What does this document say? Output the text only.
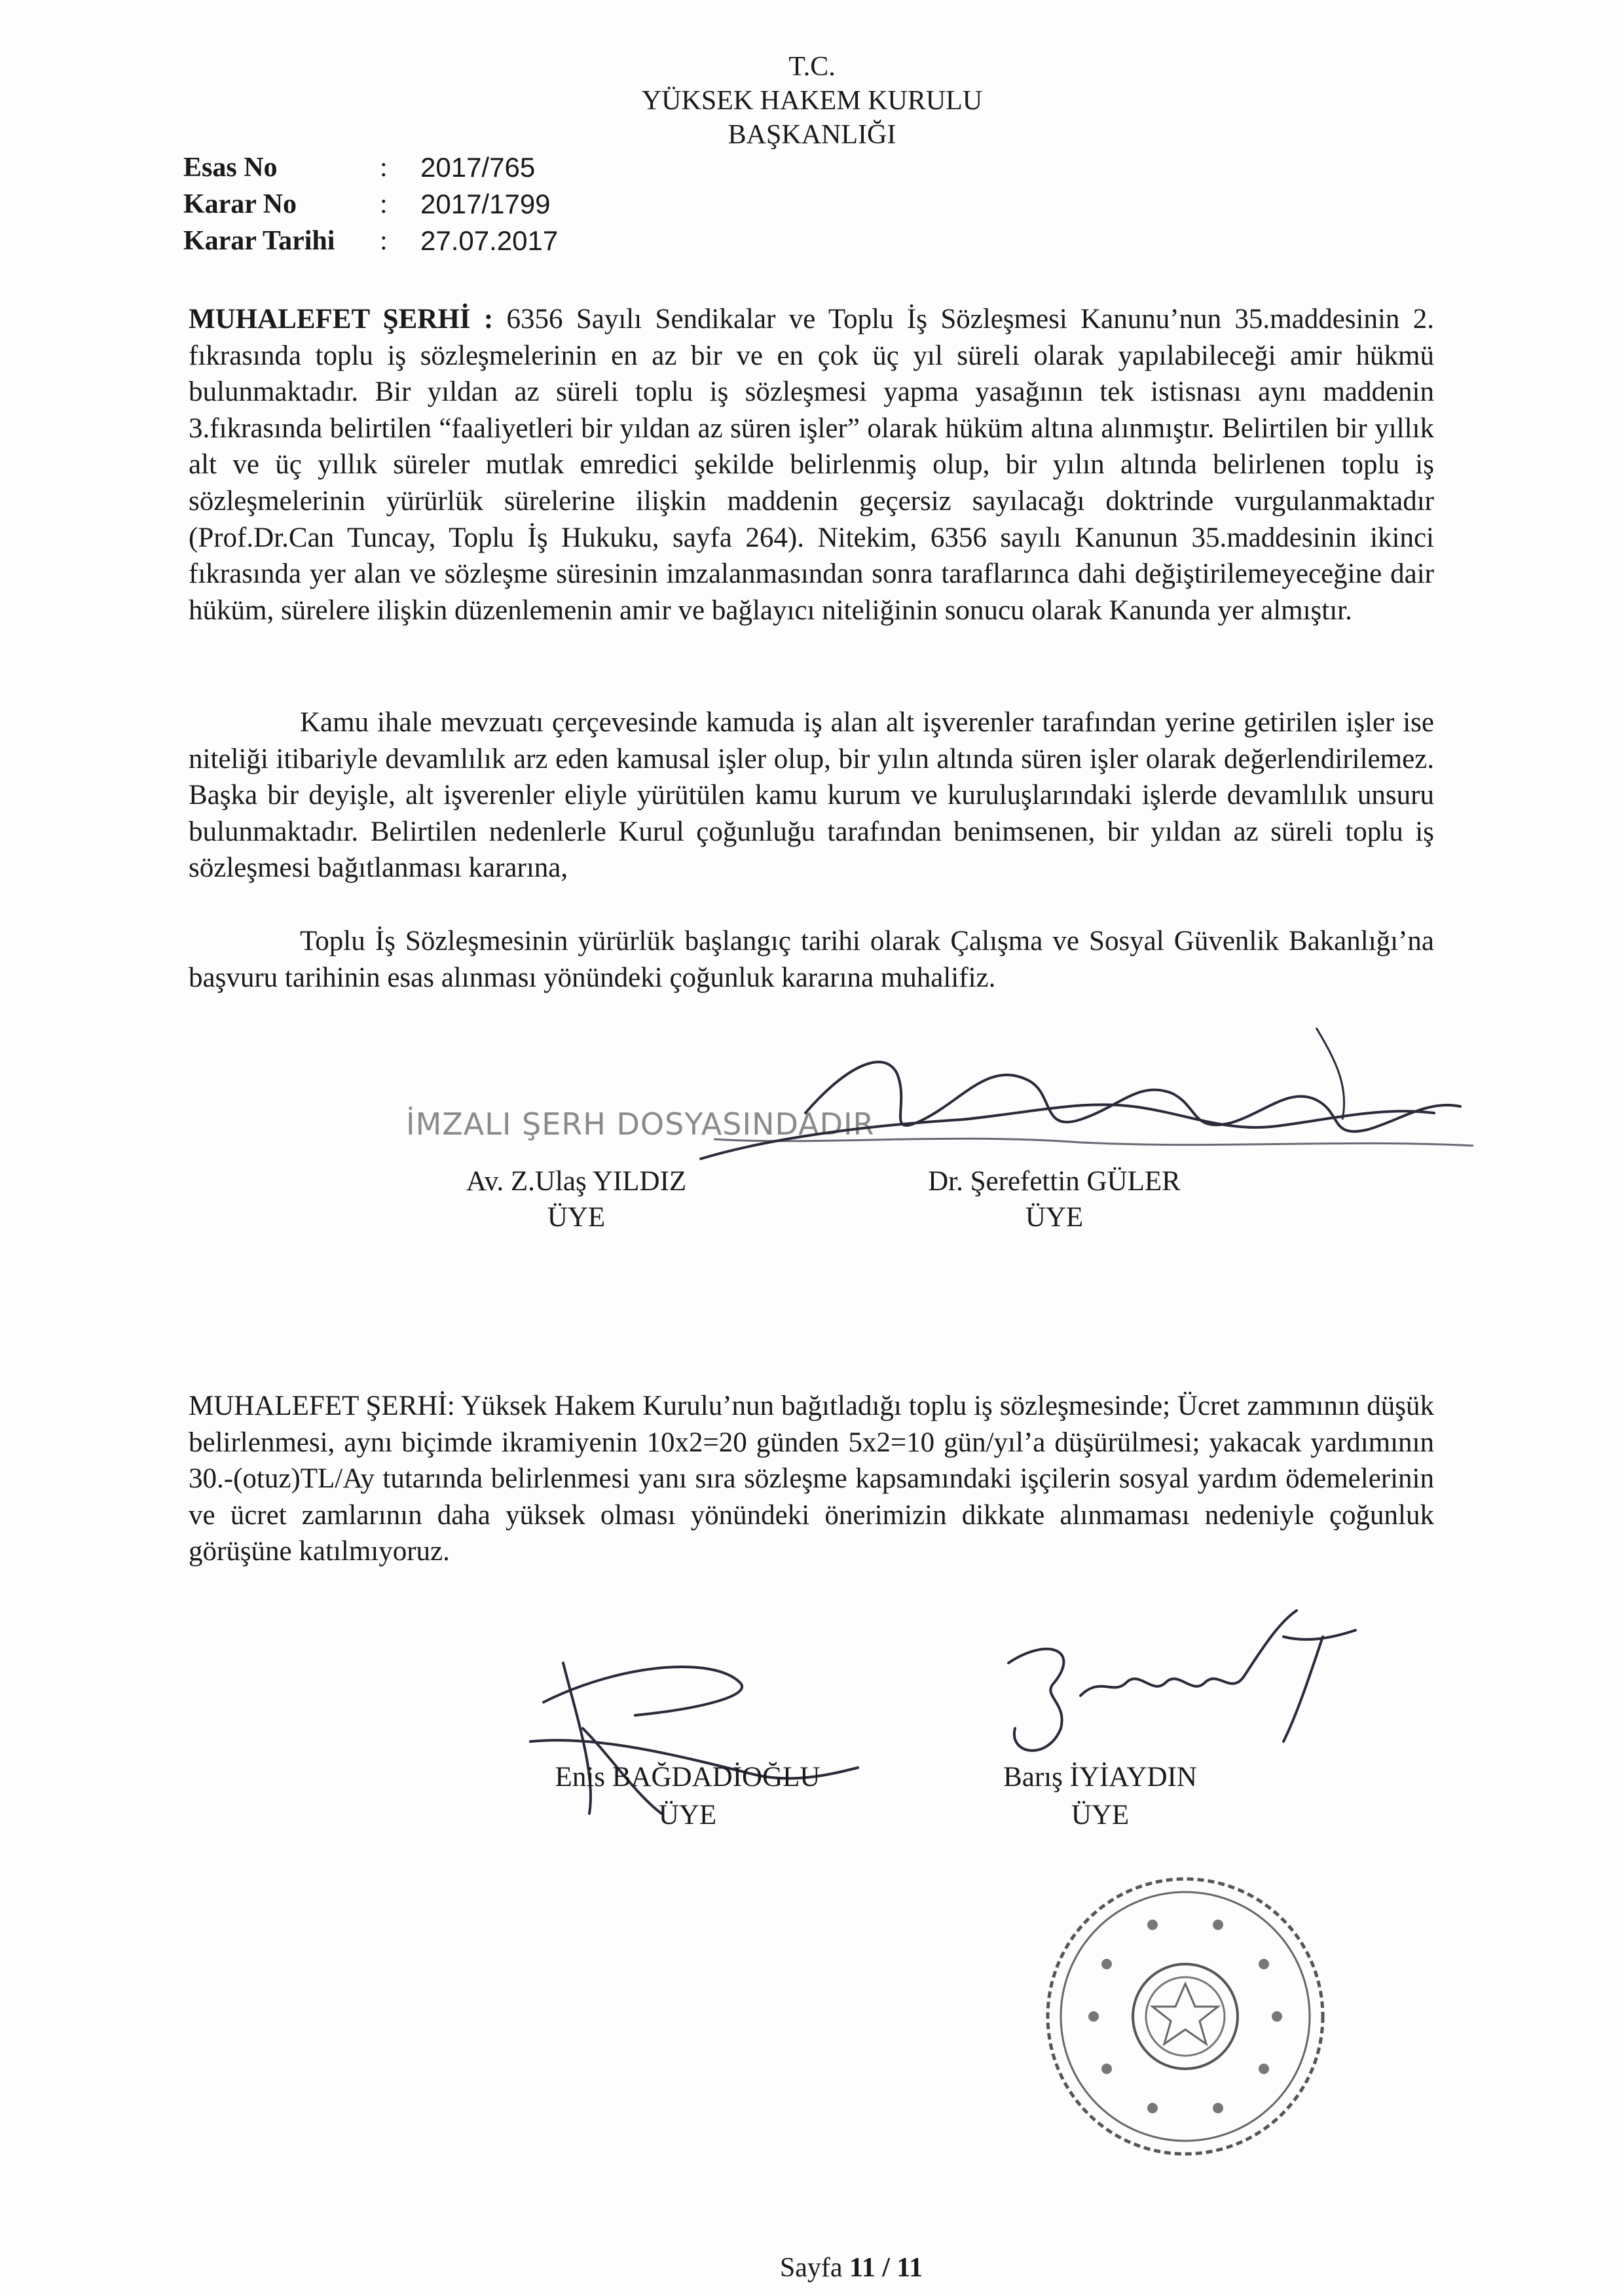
T.C.
YÜKSEK HAKEM KURULU
BAŞKANLIĞI
Esas No	:	2017/765
Karar No	:	2017/1799
Karar Tarihi	:	27.07.2017
MUHALEFET ŞERHİ : 6356 Sayılı Sendikalar ve Toplu İş Sözleşmesi Kanunu’nun 35.maddesinin 2. fıkrasında toplu iş sözleşmelerinin en az bir ve en çok üç yıl süreli olarak yapılabileceği amir hükmü bulunmaktadır. Bir yıldan az süreli toplu iş sözleşmesi yapma yasağının tek istisnası aynı maddenin 3.fıkrasında belirtilen “faaliyetleri bir yıldan az süren işler” olarak hüküm altına alınmıştır. Belirtilen bir yıllık alt ve üç yıllık süreler mutlak emredici şekilde belirlenmiş olup, bir yılın altında belirlenen toplu iş sözleşmelerinin yürürlük sürelerine ilişkin maddenin geçersiz sayılacağı doktrinde vurgulanmaktadır (Prof.Dr.Can Tuncay, Toplu İş Hukuku, sayfa 264). Nitekim, 6356 sayılı Kanunun 35.maddesinin ikinci fıkrasında yer alan ve sözleşme süresinin imzalanmasından sonra taraflarınca dahi değiştirilemeyeceğine dair hüküm, sürelere ilişkin düzenlemenin amir ve bağlayıcı niteliğinin sonucu olarak Kanunda yer almıştır.
Kamu ihale mevzuatı çerçevesinde kamuda iş alan alt işverenler tarafından yerine getirilen işler ise niteliği itibariyle devamlılık arz eden kamusal işler olup, bir yılın altında süren işler olarak değerlendirilemez. Başka bir deyişle, alt işverenler eliyle yürütülen kamu kurum ve kuruluşlarındaki işlerde devamlılık unsuru bulunmaktadır. Belirtilen nedenlerle Kurul çoğunluğu tarafından benimsenen, bir yıldan az süreli toplu iş sözleşmesi bağıtlanması kararına,
Toplu İş Sözleşmesinin yürürlük başlangıç tarihi olarak Çalışma ve Sosyal Güvenlik Bakanlığı’na başvuru tarihinin esas alınması yönündeki çoğunluk kararına muhalifiz.
İMZALI ŞERH DOSYASINDADIR
Av. Z.Ulaş YILDIZ
ÜYE
Dr. Şerefettin GÜLER
ÜYE
MUHALEFET ŞERHİ: Yüksek Hakem Kurulu’nun bağıtladığı toplu iş sözleşmesinde; Ücret zammının düşük belirlenmesi, aynı biçimde ikramiyenin 10x2=20 günden 5x2=10 gün/yıl’a düşürülmesi; yakacak yardımının 30.-(otuz)TL/Ay tutarında belirlenmesi yanı sıra sözleşme kapsamındaki işçilerin sosyal yardım ödemelerinin ve ücret zamlarının daha yüksek olması yönündeki önerimizin dikkate alınmaması nedeniyle çoğunluk görüşüne katılmıyoruz.
Enis BAĞDADİOĞLU
ÜYE
Barış İYİAYDIN
ÜYE
Sayfa 11 / 11
